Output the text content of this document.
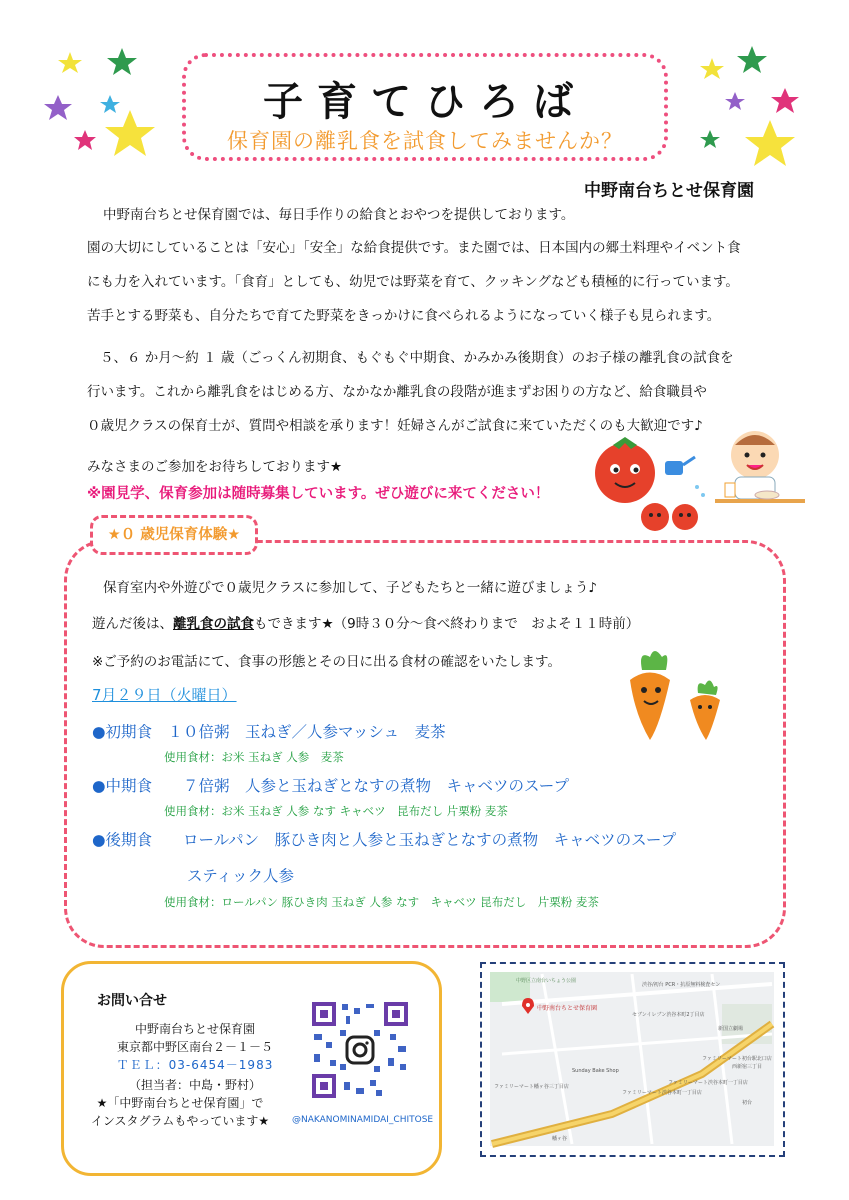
子育てひろば
保育園の離乳食を試食してみませんか？
中野南台ちとせ保育園
中野南台ちとせ保育園では、毎日手作りの給食とおやつを提供しております。
園の大切にしていることは「安心」「安全」な給食提供です。また園では、日本国内の郷土料理やイベント食
にも力を入れています。「食育」としても、幼児では野菜を育て、クッキングなども積極的に行っています。
苦手とする野菜も、自分たちで育てた野菜をきっかけに食べられるようになっていく様子も見られます。
５、６ か月～約 １ 歳（ごっくん初期食、もぐもぐ中期食、かみかみ後期食）のお子様の離乳食の試食を
行います。これから離乳食をはじめる方、なかなか離乳食の段階が進まずお困りの方など、給食職員や
０歳児クラスの保育士が、質問や相談を承ります！妊婦さんがご試食に来ていただくのも大歓迎です♪
みなさまのご参加をお待ちしております★
※園見学、保育参加は随時募集しています。ぜひ遊びに来てください！
★０ 歳児保育体験★
保育室内や外遊びで０歳児クラスに参加して、子どもたちと一緒に遊びましょう♪
遊んだ後は、離乳食の試食もできます★（9時３０分～食べ終わりまで　およそ１１時前）
※ご予約のお電話にて、食事の形態とその日に出る食材の確認をいたします。
7月２９日（火曜日）
●初期食　１０倍粥　玉ねぎ／人参マッシュ　麦茶
使用食材：お米 玉ねぎ 人参　麦茶
●中期食　　７倍粥　人参と玉ねぎとなすの煮物　キャベツのスープ
使用食材：お米 玉ねぎ 人参 なす キャベツ　昆布だし 片栗粉 麦茶
●後期食　　ロールパン　豚ひき肉と人参と玉ねぎとなすの煮物　キャベツのスープ
スティック人参
使用食材：ロールパン 豚ひき肉 玉ねぎ 人参 なす　キャベツ 昆布だし　片栗粉 麦茶
お問い合せ
中野南台ちとせ保育園
東京都中野区南台２－１－５
ＴＥＬ：03-6454－1983
（担当者：中島・野村）
★「中野南台ちとせ保育園」で
インスタグラムもやっています★	@NAKANOMINAMIDAI_CHITOSE
中野南台ちとせ保育園
中野区立南台いちょう公園
渋谷/初台 PCR・抗原無料検査セン
セブンイレブン渋谷本町2丁目店
新国立劇場
ファミリーマート初台駅北口店
Sunday Bake Shop
ファミリーマート幡ヶ谷三丁目店
ファミリーマート渋谷本町一丁目店
ファミリーマート渋谷本町一丁目店
幡ヶ谷
初台
西新宿三丁目
